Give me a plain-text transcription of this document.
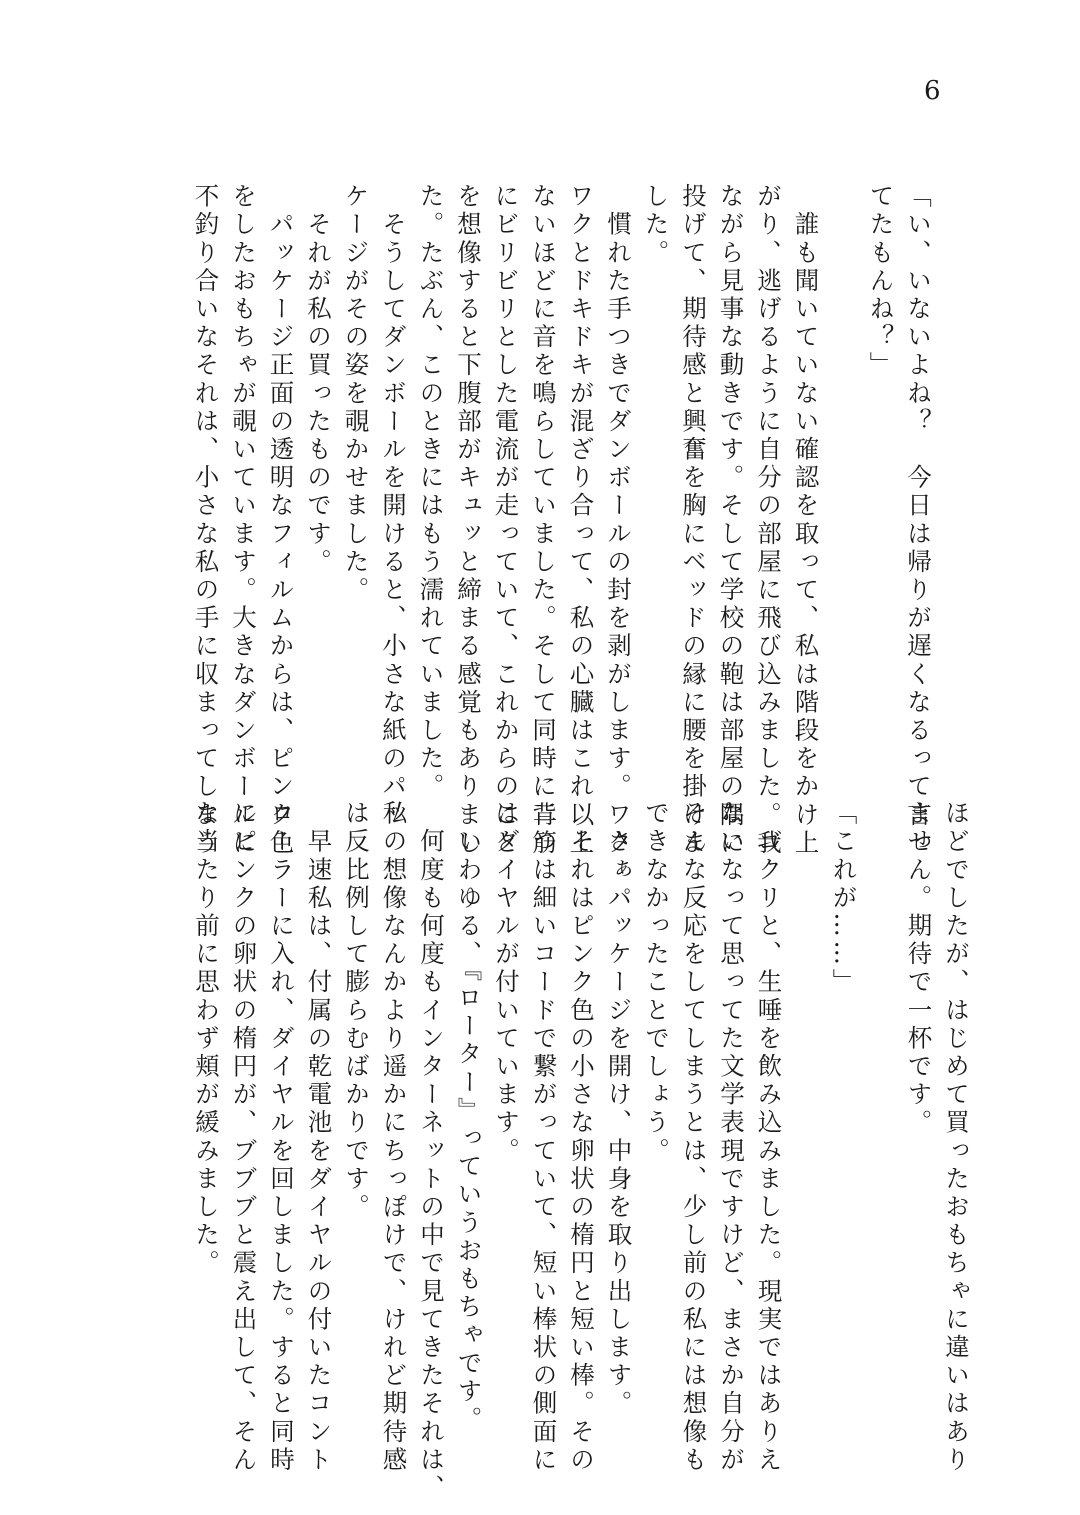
6
「い、いないよね？　今日は帰りが遅くなるって言っ
てたもんね？」
　誰も聞いていない確認を取って、私は階段をかけ上
がり、逃げるように自分の部屋に飛び込みました。我
ながら見事な動きです。そして学校の鞄は部屋の隅に
投げて、期待感と興奮を胸にベッドの縁に腰を掛けま
した。
　慣れた手つきでダンボールの封を剥がします。ワク
ワクとドキドキが混ざり合って、私の心臓はこれ以上
ないほどに音を鳴らしていました。そして同時に背筋
にビリビリとした電流が走っていて、これからのこと
を想像すると下腹部がキュッと締まる感覚もありまし
た。たぶん、このときにはもう濡れていました。
　そうしてダンボールを開けると、小さな紙のパッ
ケージがその姿を覗かせました。
　それが私の買ったものです。
　パッケージ正面の透明なフィルムからは、ピンク色
をしたおもちゃが覗いています。大きなダンボールに
不釣り合いなそれは、小さな私の手に収まってしまう
ほどでしたが、はじめて買ったおもちゃに違いはあり
ません。期待で一杯です。
「これが……」
　ゴクリと、生唾を飲み込みました。現実ではありえ
ないなって思ってた文学表現ですけど、まさか自分が
そんな反応をしてしまうとは、少し前の私には想像も
できなかったことでしょう。
　さぁパッケージを開け、中身を取り出します。
　それはピンク色の小さな卵状の楕円と短い棒。その
二つは細いコードで繋がっていて、短い棒状の側面に
はダイヤルが付いています。
　いわゆる、『ローター』っていうおもちゃです。
　何度も何度もインターネットの中で見てきたそれは、
私の想像なんかより遥かにちっぽけで、けれど期待感
は反比例して膨らむばかりです。
　早速私は、付属の乾電池をダイヤルの付いたコント
ローラーに入れ、ダイヤルを回しました。すると同時
にピンクの卵状の楕円が、ブブブと震え出して、そん
な当たり前に思わず頬が緩みました。
